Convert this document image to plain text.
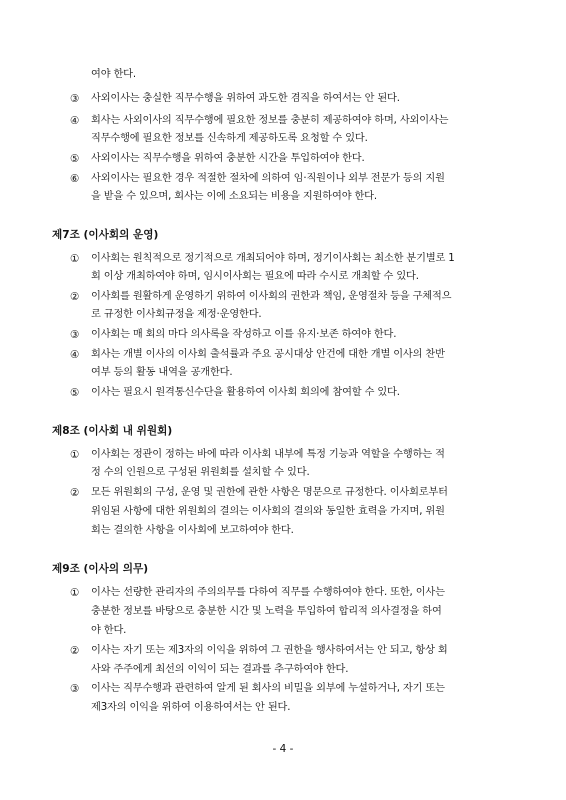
여야 한다.
③ 사외이사는 충실한 직무수행을 위하여 과도한 겸직을 하여서는 안 된다.
④ 회사는 사외이사의 직무수행에 필요한 정보를 충분히 제공하여야 하며, 사외이사는
직무수행에 필요한 정보를 신속하게 제공하도록 요청할 수 있다.
⑤ 사외이사는 직무수행을 위하여 충분한 시간을 투입하여야 한다.
⑥ 사외이사는 필요한 경우 적절한 절차에 의하여 임·직원이나 외부 전문가 등의 지원
을 받을 수 있으며, 회사는 이에 소요되는 비용을 지원하여야 한다.
제7조 (이사회의 운영)
① 이사회는 원칙적으로 정기적으로 개최되어야 하며, 정기이사회는 최소한 분기별로 1
회 이상 개최하여야 하며, 임시이사회는 필요에 따라 수시로 개최할 수 있다.
② 이사회를 원활하게 운영하기 위하여 이사회의 권한과 책임, 운영절차 등을 구체적으
로 규정한 이사회규정을 제정·운영한다.
③ 이사회는 매 회의 마다 의사록을 작성하고 이를 유지·보존 하여야 한다.
④ 회사는 개별 이사의 이사회 출석률과 주요 공시대상 안건에 대한 개별 이사의 찬반
여부 등의 활동 내역을 공개한다.
⑤ 이사는 필요시 원격통신수단을 활용하여 이사회 회의에 참여할 수 있다.
제8조 (이사회 내 위원회)
① 이사회는 정관이 정하는 바에 따라 이사회 내부에 특정 기능과 역할을 수행하는 적
정 수의 인원으로 구성된 위원회를 설치할 수 있다.
② 모든 위원회의 구성, 운영 및 권한에 관한 사항은 명문으로 규정한다. 이사회로부터
위임된 사항에 대한 위원회의 결의는 이사회의 결의와 동일한 효력을 가지며, 위원
회는 결의한 사항을 이사회에 보고하여야 한다.
제9조 (이사의 의무)
① 이사는 선량한 관리자의 주의의무를 다하여 직무를 수행하여야 한다. 또한, 이사는
충분한 정보를 바탕으로 충분한 시간 및 노력을 투입하여 합리적 의사결정을 하여
야 한다.
② 이사는 자기 또는 제3자의 이익을 위하여 그 권한을 행사하여서는 안 되고, 항상 회
사와 주주에게 최선의 이익이 되는 결과를 추구하여야 한다.
③ 이사는 직무수행과 관련하여 알게 된 회사의 비밀을 외부에 누설하거나, 자기 또는
제3자의 이익을 위하여 이용하여서는 안 된다.
- 4 -
